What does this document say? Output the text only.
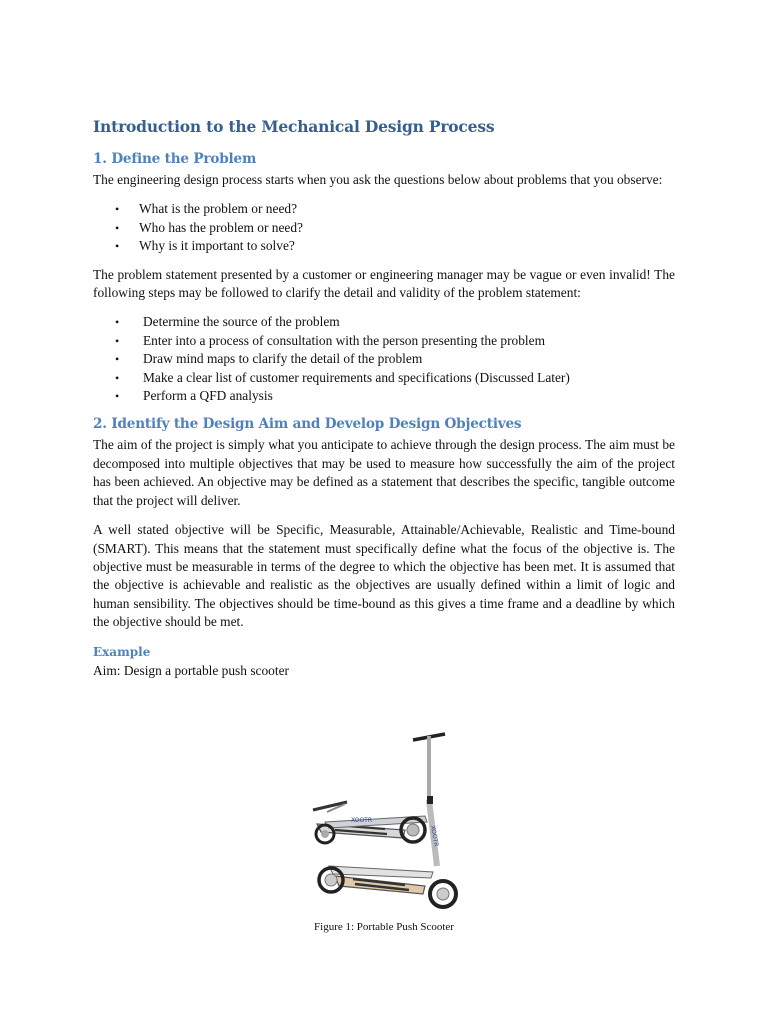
Introduction to the Mechanical Design Process
1. Define the Problem

The engineering design process starts when you ask the questions below about problems that you observe:

• What is the problem or need?
• Who has the problem or need?
• Why is it important to solve?

The problem statement presented by a customer or engineering manager may be vague or even invalid! The following steps may be followed to clarify the detail and validity of the problem statement:

• Determine the source of the problem
• Enter into a process of consultation with the person presenting the problem
• Draw mind maps to clarify the detail of the problem
• Make a clear list of customer requirements and specifications (Discussed Later)
• Perform a QFD analysis
2. Identify the Design Aim and Develop Design Objectives

The aim of the project is simply what you anticipate to achieve through the design process. The aim must be decomposed into multiple objectives that may be used to measure how successfully the aim of the project has been achieved. An objective may be defined as a statement that describes the specific, tangible outcome that the project will deliver.

A well stated objective will be Specific, Measurable, Attainable/Achievable, Realistic and Time-bound (SMART). This means that the statement must specifically define what the focus of the objective is. The objective must be measurable in terms of the degree to which the objective has been met. It is assumed that the objective is achievable and realistic as the objectives are usually defined within a limit of logic and human sensibility. The objectives should be time-bound as this gives a time frame and a deadline by which the objective should be met.

Example

Aim: Design a portable push scooter

XOOTR
XOOTR
Figure 1: Portable Push Scooter
